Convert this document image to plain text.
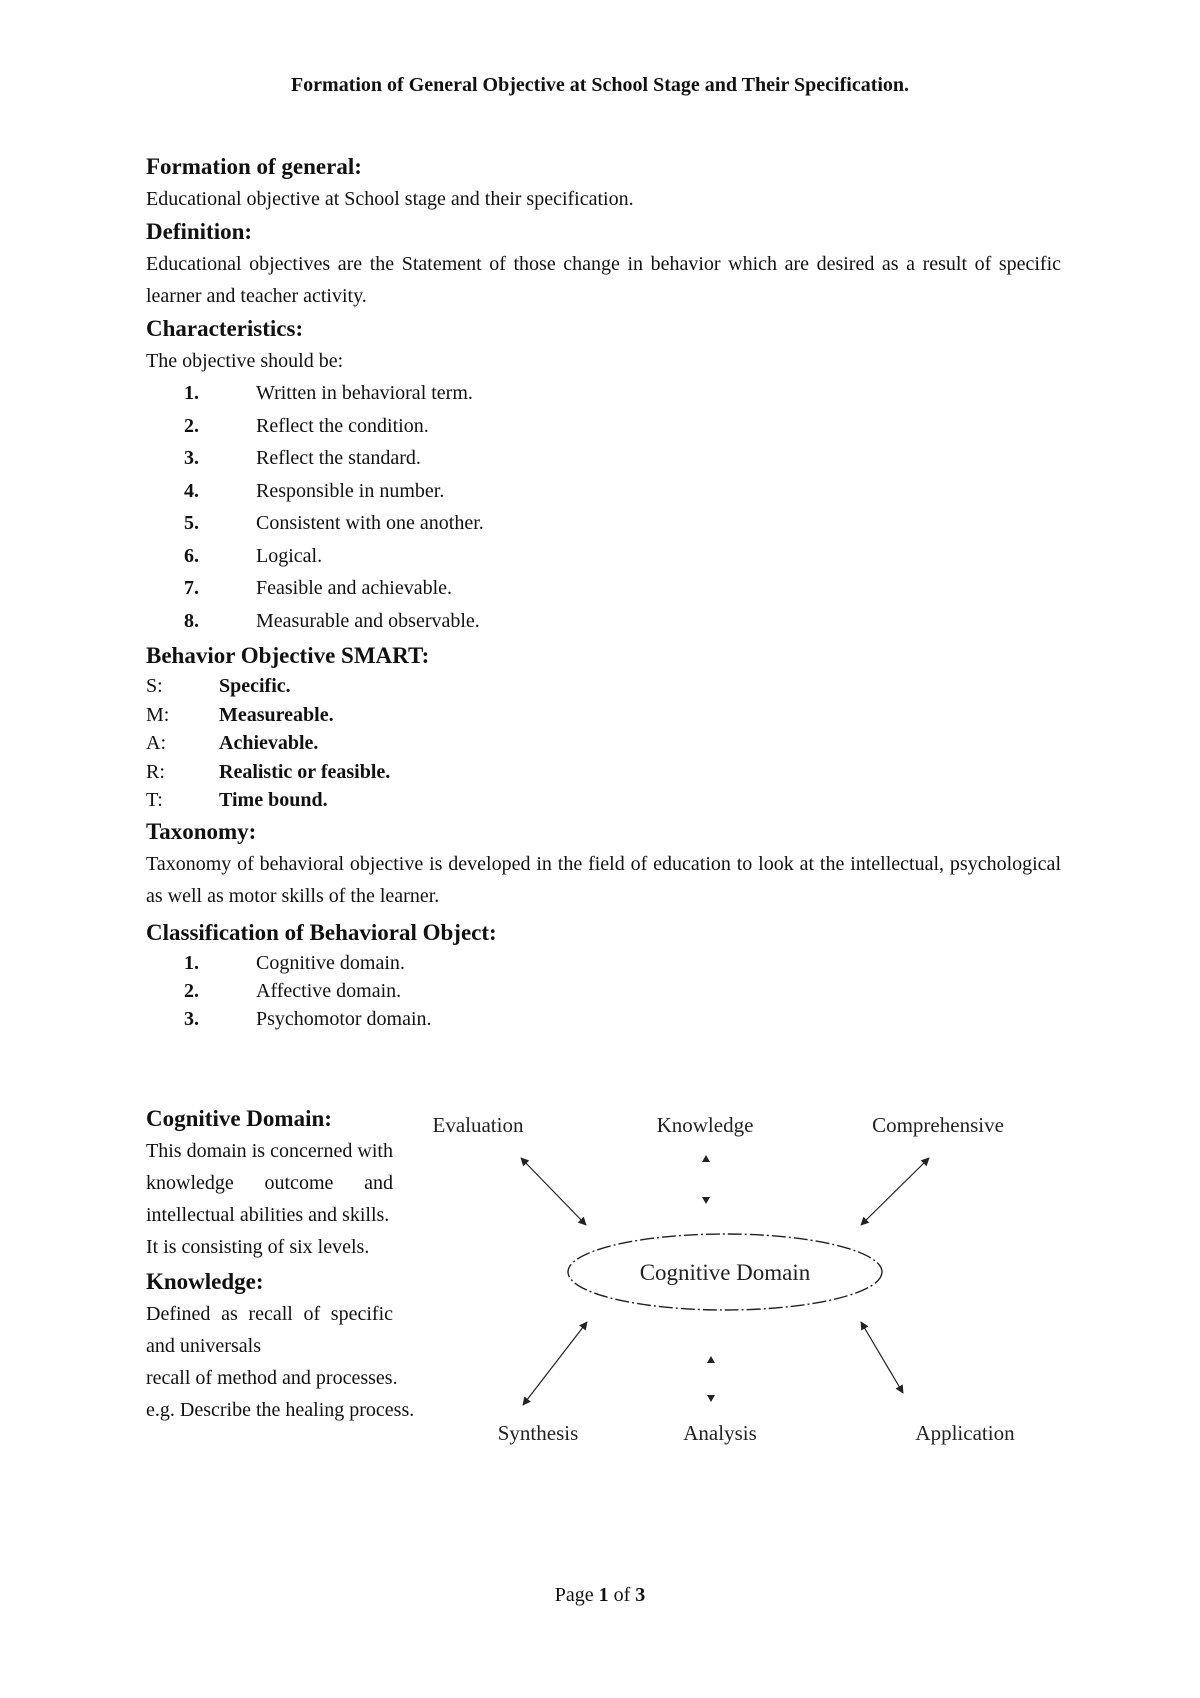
Formation of General Objective at School Stage and Their Specification.

Formation of general:

Educational objective at School stage and their specification.

Definition:

Educational objectives are the Statement of those change in behavior which are desired as a result of specific learner and teacher activity.

Characteristics:

The objective should be:

1.	Written in behavioral term.
2.	Reflect the condition.
3.	Reflect the standard.
4.	Responsible in number.
5.	Consistent with one another.
6.	Logical.
7.	Feasible and achievable.
8.	Measurable and observable.

Behavior Objective SMART:

S:	Specific.
M:	Measureable.
A:	Achievable.
R:	Realistic or feasible.
T:	Time bound.

Taxonomy:

Taxonomy of behavioral objective is developed in the field of education to look at the intellectual, psychological as well as motor skills of the learner.

Classification of Behavioral Object:

1.	Cognitive domain.
2.	Affective domain.
3.	Psychomotor domain.

Cognitive Domain:

This domain is concerned with knowledge outcome and intellectual abilities and skills.

It is consisting of six levels.

Knowledge:

Defined as recall of specific and universals

recall of method and processes.

e.g. Describe the healing process.

Cognitive Domain
Evaluation	Knowledge	Comprehensive
Synthesis	Analysis	Application
Page 1 of 3
